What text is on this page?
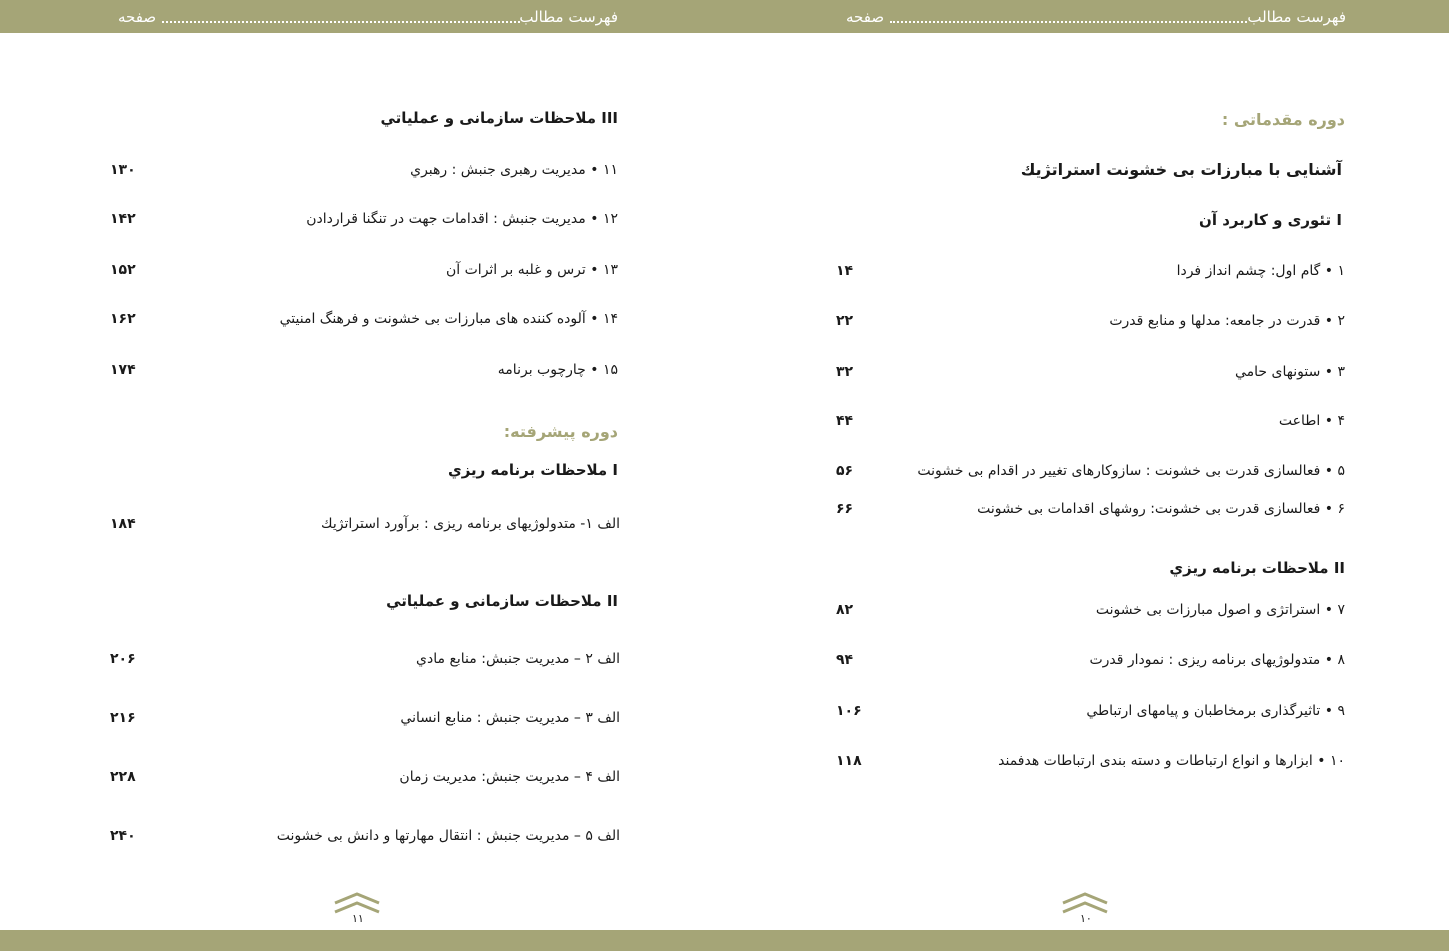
فهرست مطالب
صفحه	فهرست مطالب
صفحه
دوره مقدماتی :
آشنایی با مبارزات بی خشونت استراتژیك
I تئوری و کاربرد آن
۱ • گام اول: چشم انداز فردا
۱۴
۲ • قدرت در جامعه: مدلها و منابع قدرت
۲۲
۳ • ستونهای حامي
۳۲
۴ • اطاعت
۴۴
۵ • فعالسازی قدرت بی خشونت : سازوکارهای تغییر در اقدام بی خشونت
۵۶
۶ • فعالسازی قدرت بی خشونت: روشهای اقدامات بی خشونت
۶۶
II ملاحظات برنامه ریزي
۷ • استراتژی و اصول مبارزات بی خشونت
۸۲
۸ • متدولوژیهای برنامه ریزی : نمودار قدرت
۹۴
۹ • تاثیرگذاری برمخاطبان و پیامهای ارتباطي
۱۰۶
۱۰ • ابزارها و انواع ارتباطات و دسته بندی ارتباطات هدفمند
۱۱۸
۱۰
III ملاحظات سازمانی و عملیاتي
۱۱ • مدیریت رهبری جنبش : رهبري
۱۳۰
۱۲ • مدیریت جنبش : اقدامات جهت در تنگنا قراردادن
۱۴۲
۱۳ • ترس و غلبه بر اثرات آن
۱۵۲
۱۴ • آلوده کننده های مبارزات بی خشونت و فرهنگ امنیتي
۱۶۲
۱۵ • چارچوب برنامه
۱۷۴
دوره پیشرفته:
I ملاحظات برنامه ریزي
الف ۱- متدولوژیهای برنامه ریزی : برآورد استراتژیك
۱۸۴
II ملاحظات سازمانی و عملیاتي
الف ۲ – مدیریت جنبش: منابع مادي
۲۰۶
الف ۳ – مدیریت جنبش : منابع انساني
۲۱۶
الف ۴ – مدیریت جنبش: مدیریت زمان
۲۲۸
الف ۵ – مدیریت جنبش : انتقال مهارتها و دانش بی خشونت
۲۴۰
۱۱
